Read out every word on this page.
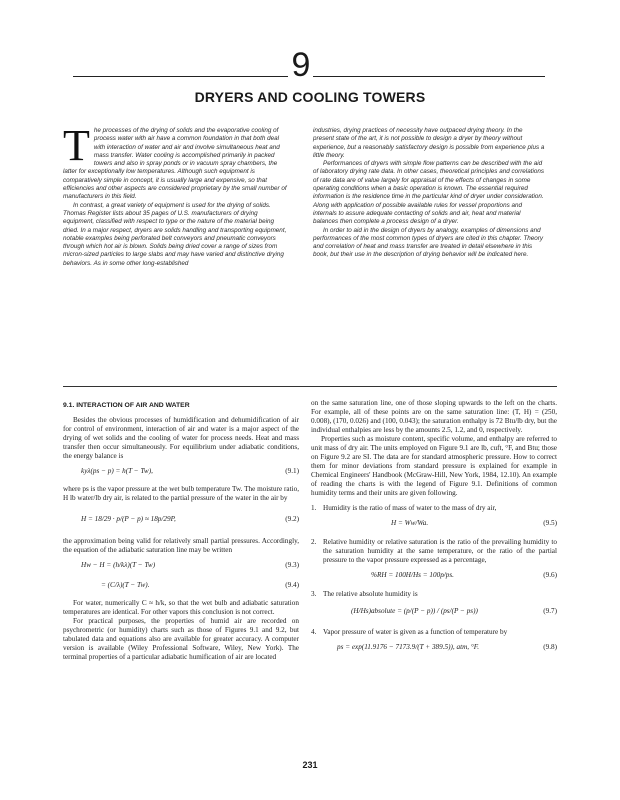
9
DRYERS AND COOLING TOWERS

The processes of the drying of solids and the evaporative cooling of process water with air have a common foundation in that both deal with interaction of water and air and involve simultaneous heat and mass transfer. Water cooling is accomplished primarily in packed towers and also in spray ponds or in vacuum spray chambers, the latter for exceptionally low temperatures. Although such equipment is comparatively simple in concept, it is usually large and expensive, so that efficiencies and other aspects are considered proprietary by the small number of manufacturers in this field.

In contrast, a great variety of equipment is used for the drying of solids. Thomas Register lists about 35 pages of U.S. manufacturers of drying equipment, classified with respect to type or the nature of the material being dried. In a major respect, dryers are solids handling and transporting equipment, notable examples being perforated belt conveyors and pneumatic conveyors through which hot air is blown. Solids being dried cover a range of sizes from micron-sized particles to large slabs and may have varied and distinctive drying behaviors. As in some other long-established

industries, drying practices of necessity have outpaced drying theory. In the present state of the art, it is not possible to design a dryer by theory without experience, but a reasonably satisfactory design is possible from experience plus a little theory.

Performances of dryers with simple flow patterns can be described with the aid of laboratory drying rate data. In other cases, theoretical principles and correlations of rate data are of value largely for appraisal of the effects of changes in some operating conditions when a basic operation is known. The essential required information is the residence time in the particular kind of dryer under consideration. Along with application of possible available rules for vessel proportions and internals to assure adequate contacting of solids and air, heat and material balances then complete a process design of a dryer.

In order to aid in the design of dryers by analogy, examples of dimensions and performances of the most common types of dryers are cited in this chapter. Theory and correlation of heat and mass transfer are treated in detail elsewhere in this book, but their use in the description of drying behavior will be indicated here.

9.1. INTERACTION OF AIR AND WATER

Besides the obvious processes of humidification and dehumidification of air for control of environment, interaction of air and water is a major aspect of the drying of wet solids and the cooling of water for process needs. Heat and mass transfer then occur simultaneously. For equilibrium under adiabatic conditions, the energy balance is

kyλ(ps − p) = h(T − Tw),	(9.1)

where ps is the vapor pressure at the wet bulb temperature Tw. The moisture ratio, H lb water/lb dry air, is related to the partial pressure of the water in the air by

H = 18/29 · p/(P − p) ≈ 18p/29P,	(9.2)

the approximation being valid for relatively small partial pressures. Accordingly, the equation of the adiabatic saturation line may be written

Hw − H = (h/kλ)(T − Tw)	(9.3)
= (C/λ)(T − Tw).	(9.4)

For water, numerically C ≈ h/k, so that the wet bulb and adiabatic saturation temperatures are identical. For other vapors this conclusion is not correct.

For practical purposes, the properties of humid air are recorded on psychrometric (or humidity) charts such as those of Figures 9.1 and 9.2, but tabulated data and equations also are available for greater accuracy. A computer version is available (Wiley Professional Software, Wiley, New York). The terminal properties of a particular adiabatic humification of air are located

on the same saturation line, one of those sloping upwards to the left on the charts. For example, all of these points are on the same saturation line: (T, H) = (250, 0.008), (170, 0.026) and (100, 0.043); the saturation enthalpy is 72 Btu/lb dry, but the individual enthalpies are less by the amounts 2.5, 1.2, and 0, respectively.

Properties such as moisture content, specific volume, and enthalpy are referred to unit mass of dry air. The units employed on Figure 9.1 are lb, cuft, °F, and Btu; those on Figure 9.2 are SI. The data are for standard atmospheric pressure. How to correct them for minor deviations from standard pressure is explained for example in Chemical Engineers' Handbook (McGraw-Hill, New York, 1984, 12.10). An example of reading the charts is with the legend of Figure 9.1. Definitions of common humidity terms and their units are given following.

1. Humidity is the ratio of mass of water to the mass of dry air,
H = Ww/Wa.	(9.5)
2. Relative humidity or relative saturation is the ratio of the prevailing humidity to the saturation humidity at the same temperature, or the ratio of the partial pressure to the vapor pressure expressed as a percentage,
%RH = 100H/Hs = 100p/ps.	(9.6)
3. The relative absolute humidity is
(H/Hs)absolute = (p/(P − p)) / (ps/(P − ps))	(9.7)
4. Vapor pressure of water is given as a function of temperature by
ps = exp(11.9176 − 7173.9/(T + 389.5)), atm, °F.	(9.8)
231
